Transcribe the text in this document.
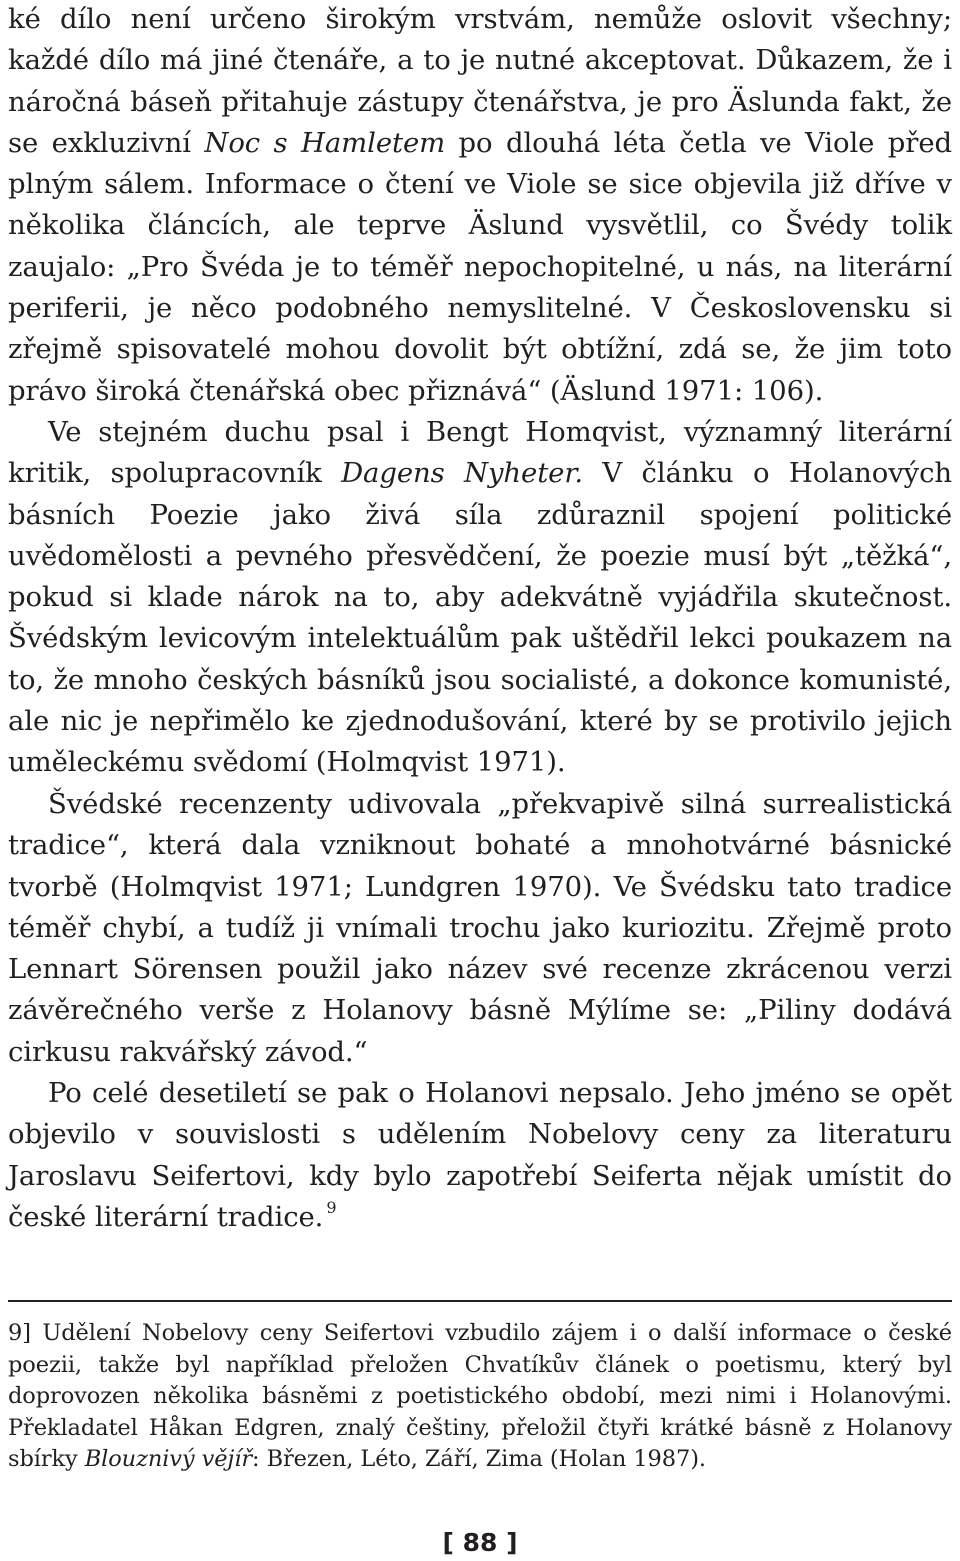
ké dílo není určeno širokým vrstvám, nemůže oslovit všechny; každé dílo má jiné čtenáře, a to je nutné akceptovat. Důkazem, že i náročná báseň přitahuje zástupy čtenářstva, je pro Äslunda fakt, že se exkluzivní Noc s Hamletem po dlouhá léta četla ve Viole před plným sálem. Informace o čtení ve Viole se sice objevila již dříve v několika článcích, ale teprve Äslund vysvětlil, co Švédy tolik zaujalo: „Pro Švéda je to téměř nepochopitelné, u nás, na literární periferii, je něco podobného nemyslitelné. V Československu si zřejmě spisovatelé mohou dovolit být obtížní, zdá se, že jim toto právo široká čtenářská obec přiznává“ (Äslund 1971: 106).

Ve stejném duchu psal i Bengt Homqvist, významný literární kritik, spolupracovník Dagens Nyheter. V článku o Holanových básních Poezie jako živá síla zdůraznil spojení politické uvědomělosti a pevného přesvědčení, že poezie musí být „těžká“, pokud si klade nárok na to, aby adekvátně vyjádřila skutečnost. Švédským levicovým intelektuálům pak uštědřil lekci poukazem na to, že mnoho českých básníků jsou socialisté, a dokonce komunisté, ale nic je nepřimělo ke zjednodušování, které by se protivilo jejich uměleckému svědomí (Holmqvist 1971).

Švédské recenzenty udivovala „překvapivě silná surrealistická tradice“, která dala vzniknout bohaté a mnohotvárné básnické tvorbě (Holmqvist 1971; Lundgren 1970). Ve Švédsku tato tradice téměř chybí, a tudíž ji vnímali trochu jako kuriozitu. Zřejmě proto Lennart Sörensen použil jako název své recenze zkrácenou verzi závěrečného verše z Holanovy básně Mýlíme se: „Piliny dodává cirkusu rakvářský závod.“

Po celé desetiletí se pak o Holanovi nepsalo. Jeho jméno se opět objevilo v souvislosti s udělením Nobelovy ceny za literaturu Jaroslavu Seifertovi, kdy bylo zapotřebí Seiferta nějak umístit do české literární tradice. $^9$

9] Udělení Nobelovy ceny Seifertovi vzbudilo zájem i o další informace o české poezii, takže byl například přeložen Chvatíkův článek o poetismu, který byl doprovozen několika básněmi z poetistického období, mezi nimi i Holanovými. Překladatel Håkan Edgren, znalý češtiny, přeložil čtyři krátké básně z Holanovy sbírky Blouznivý vějíř: Březen, Léto, Září, Zima (Holan 1987).

[ 88 ]
